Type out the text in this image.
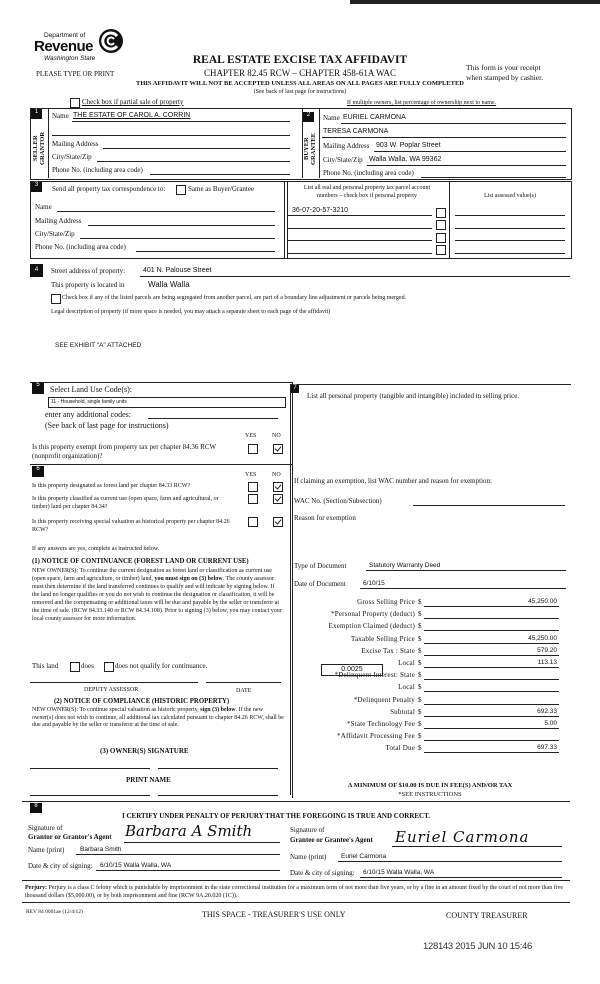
Department of
Revenue
Washington State
PLEASE TYPE OR PRINT
REAL ESTATE EXCISE TAX AFFIDAVIT
CHAPTER 82.45 RCW – CHAPTER 458-61A WAC
THIS AFFIDAVIT WILL NOT BE ACCEPTED UNLESS ALL AREAS ON ALL PAGES ARE FULLY COMPLETED
(See back of last page for instructions)
This form is your receipt
when stamped by cashier.
Check box if partial sale of property	If multiple owners, list percentage of ownership next to name.
1
SELLER GRANTOR
Name THE ESTATE OF CAROL A. CORRIN
Mailing Address
City/State/Zip
Phone No. (including area code)
2
BUYER GRANTEE
Name EURIEL CARMONA
TERESA CARMONA
Mailing Address 903 W. Poplar Street
City/State/Zip Walla Walla, WA 99362
Phone No. (including area code)
3	Send all property tax correspondence to:	Same as Buyer/Grantee
Name
Mailing Address
City/State/Zip
Phone No. (including area code)
List all real and personal property tax parcel account
numbers – check box if personal property	List assessed value(s)
36-07-20-57-3210
4	Street address of property:	401 N. Palouse Street
This property is located in	Walla Walla
Check box if any of the listed parcels are being segregated from another parcel, are part of a boundary line adjustment or parcels being merged.
Legal description of property (if more space is needed, you may attach a separate sheet to each page of the affidavit)
SEE EXHIBIT "A" ATTACHED
5	Select Land Use Code(s):
11 - Household, single family units
enter any additional codes:
(See back of last page for instructions)
YES	NO
Is this property exempt from property tax per chapter 84.36 RCW (nonprofit organization)?
6
YES	NO
Is this property designated as forest land per chapter 84.33 RCW?
Is this property classified as current use (open space, farm and agricultural, or timber) land per chapter 84.34?
Is this property receiving special valuation as historical property per chapter 84.26 RCW?
If any answers are yes, complete as instructed below.
(1) NOTICE OF CONTINUANCE (FOREST LAND OR CURRENT USE)
NEW OWNER(S): To continue the current designation as forest land or classification as current use (open space, farm and agriculture, or timber) land, you must sign on (3) below. The county assessor must then determine if the land transferred continues to qualify and will indicate by signing below. If the land no longer qualifies or you do not wish to continue the designation or classification, it will be removed and the compensating or additional taxes will be due and payable by the seller or transferor at the time of sale. (RCW 84.33.140 or RCW 84.34.108). Prior to signing (3) below, you may contact your local county assessor for more information.
This land	does	does not qualify for continuance.
DEPUTY ASSESSOR	DATE
(2) NOTICE OF COMPLIANCE (HISTORIC PROPERTY)
NEW OWNER(S): To continue special valuation as historic property, sign (3) below. If the new owner(s) does not wish to continue, all additional tax calculated pursuant to chapter 84.26 RCW, shall be due and payable by the seller or transferor at the time of sale.
(3) OWNER(S) SIGNATURE
PRINT NAME
7
List all personal property (tangible and intangible) included in selling price.
If claiming an exemption, list WAC number and reason for exemption:
WAC No. (Section/Subsection)
Reason for exemption
Type of Document	Statutory Warranty Deed
Date of Document	6/10/15
Gross Selling Price $	45,250.00
*Personal Property (deduct) $
Exemption Claimed (deduct) $
Taxable Selling Price $	45,250.00
Excise Tax : State $	579.20
Local $	113.13
*Delinquent Interest: State $
Local $
*Delinquent Penalty $
Subtotal $	692.33
*State Technology Fee $	5.00
*Affidavit Processing Fee $
Total Due $	697.33
0.0025
A MINIMUM OF $10.00 IS DUE IN FEE(S) AND/OR TAX
*SEE INSTRUCTIONS
8
I CERTIFY UNDER PENALTY OF PERJURY THAT THE FOREGOING IS TRUE AND CORRECT.
Signature of
Grantor or Grantor's Agent Barbara A Smith
Name (print) Barbara Smith
Date & city of signing: 6/10/15 Walla Walla, WA
Signature of
Grantee or Grantee's Agent Euriel Carmona
Name (print) Euriel Carmona
Date & city of signing: 6/10/15 Walla Walla, WA
Perjury: Perjury is a class C felony which is punishable by imprisonment in the state correctional institution for a maximum term of not more than five years, or by a fine in an amount fixed by the court of not more than five thousand dollars ($5,000.00), or by both imprisonment and fine (RCW 9A.20.020 (1C)).
REV 84 0001ae (12/4/12)	THIS SPACE - TREASURER'S USE ONLY	COUNTY TREASURER
128143 2015 JUN 10 15:46
